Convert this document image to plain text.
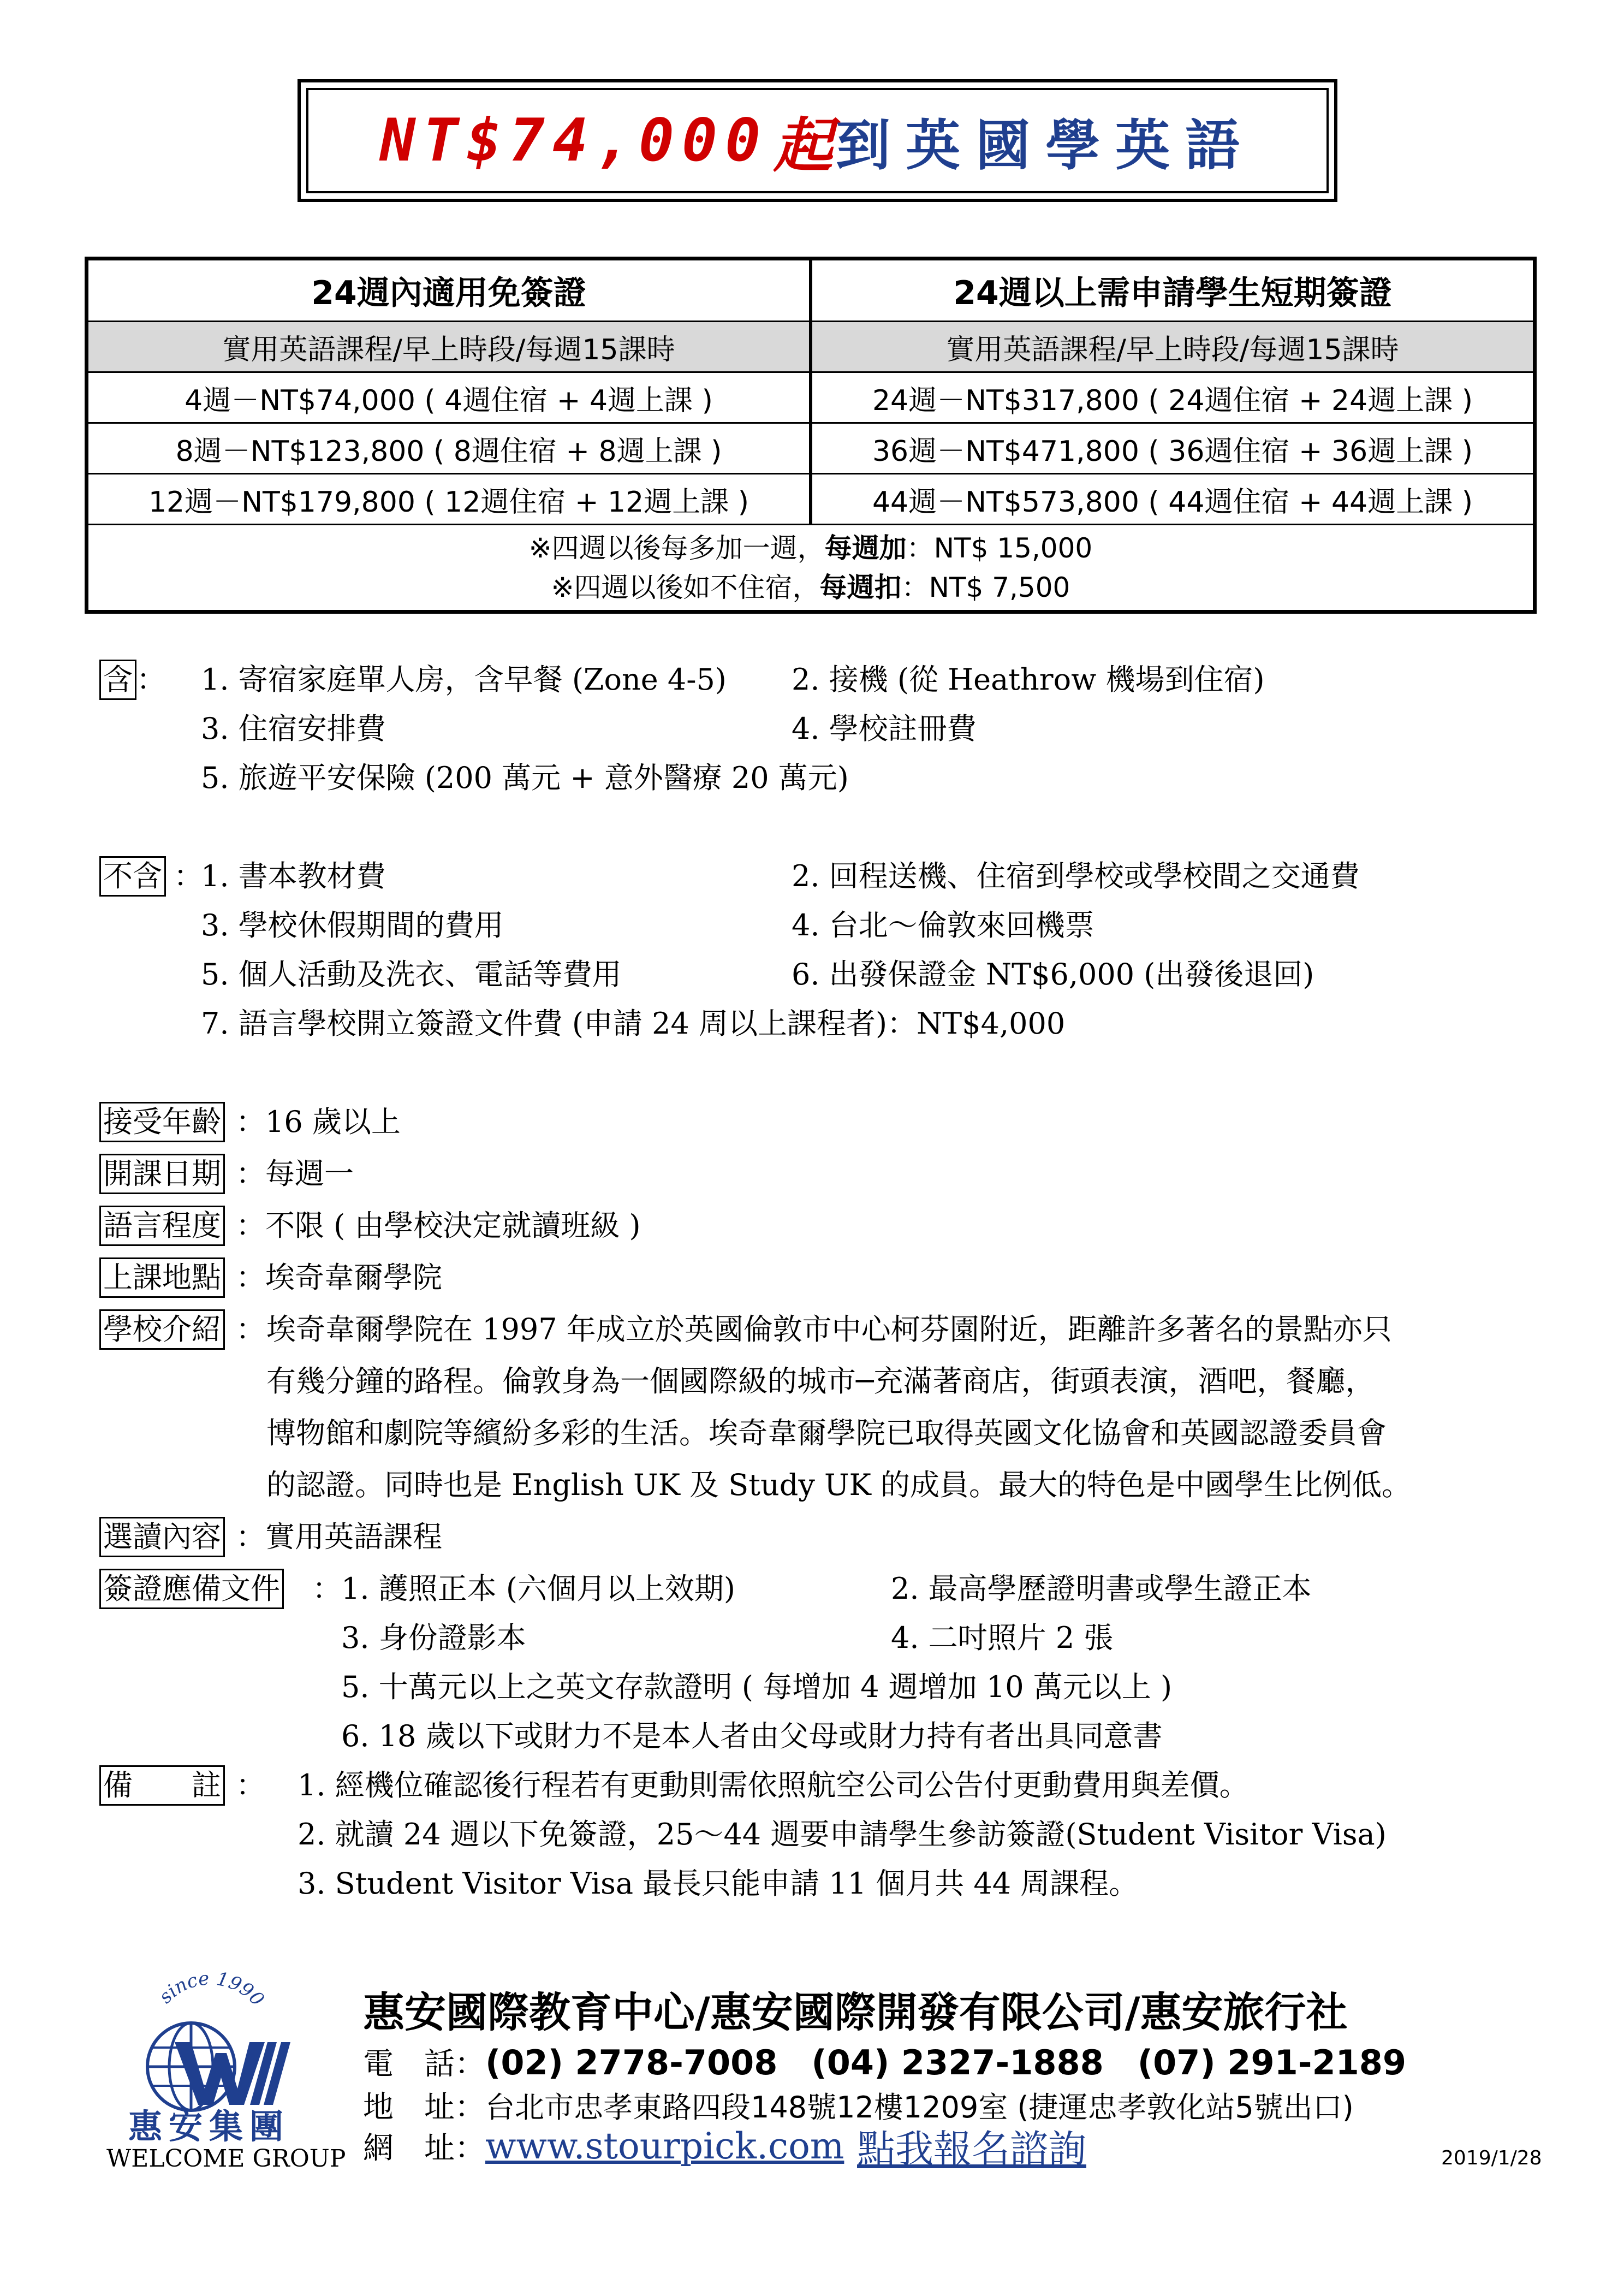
NT$74,000 起 到英國學英語
24週內適用免簽證	24週以上需申請學生短期簽證
實用英語課程/早上時段/每週15課時	實用英語課程/早上時段/每週15課時
4週－NT$74,000 ( 4週住宿 + 4週上課 )	24週－NT$317,800 ( 24週住宿 + 24週上課 )
8週－NT$123,800 ( 8週住宿 + 8週上課 )	36週－NT$471,800 ( 36週住宿 + 36週上課 )
12週－NT$179,800 ( 12週住宿 + 12週上課 )	44週－NT$573,800 ( 44週住宿 + 44週上課 )

※四週以後每多加一週，每週加：NT$ 15,000
※四週以後如不住宿，每週扣：NT$ 7,500	
含 ： 1. 寄宿家庭單人房，含早餐 (Zone 4-5) 2. 接機 (從 Heathrow 機場到住宿)
3. 住宿安排費	4. 學校註冊費
5. 旅遊平安保險 (200 萬元 + 意外醫療 20 萬元)
不含 ：
1. 書本教材費	2. 回程送機、住宿到學校或學校間之交通費
3. 學校休假期間的費用	4. 台北～倫敦來回機票
5. 個人活動及洗衣、電話等費用	6. 出發保證金 NT$6,000 (出發後退回)
7. 語言學校開立簽證文件費 (申請 24 周以上課程者)：NT$4,000
接受年齡 ：16 歲以上
開課日期 ：每週一
語言程度 ：不限 ( 由學校決定就讀班級 )
上課地點 ：埃奇韋爾學院
學校介紹 ： 埃奇韋爾學院在 1997 年成立於英國倫敦市中心柯芬園附近，距離許多著名的景點亦只
有幾分鐘的路程。倫敦身為一個國際級的城市─充滿著商店，街頭表演，酒吧，餐廳，
博物館和劇院等繽紛多彩的生活。埃奇韋爾學院已取得英國文化協會和英國認證委員會
的認證。同時也是 English UK 及 Study UK 的成員。最大的特色是中國學生比例低。
選讀內容 ：實用英語課程
簽證應備文件 ： 1. 護照正本 (六個月以上效期)	2. 最高學歷證明書或學生證正本
3. 身份證影本	4. 二吋照片 2 張
5. 十萬元以上之英文存款證明 ( 每增加 4 週增加 10 萬元以上 )
6. 18 歲以下或財力不是本人者由父母或財力持有者出具同意書
備　　註 ： 1. 經機位確認後行程若有更動則需依照航空公司公告付更動費用與差價。
2. 就讀 24 週以下免簽證，25～44 週要申請學生參訪簽證(Student Visitor Visa)
3. Student Visitor Visa 最長只能申請 11 個月共 44 周課程。
since 1990
惠安集團
WELCOME GROUP
惠安國際教育中心/惠安國際開發有限公司/惠安旅行社
電　話：(02) 2778-7008　(04) 2327-1888　(07) 291-2189
地　址：台北市忠孝東路四段148號12樓1209室 (捷運忠孝敦化站5號出口)
網　址：www.stourpick.com 點我報名諮詢	2019/1/28
